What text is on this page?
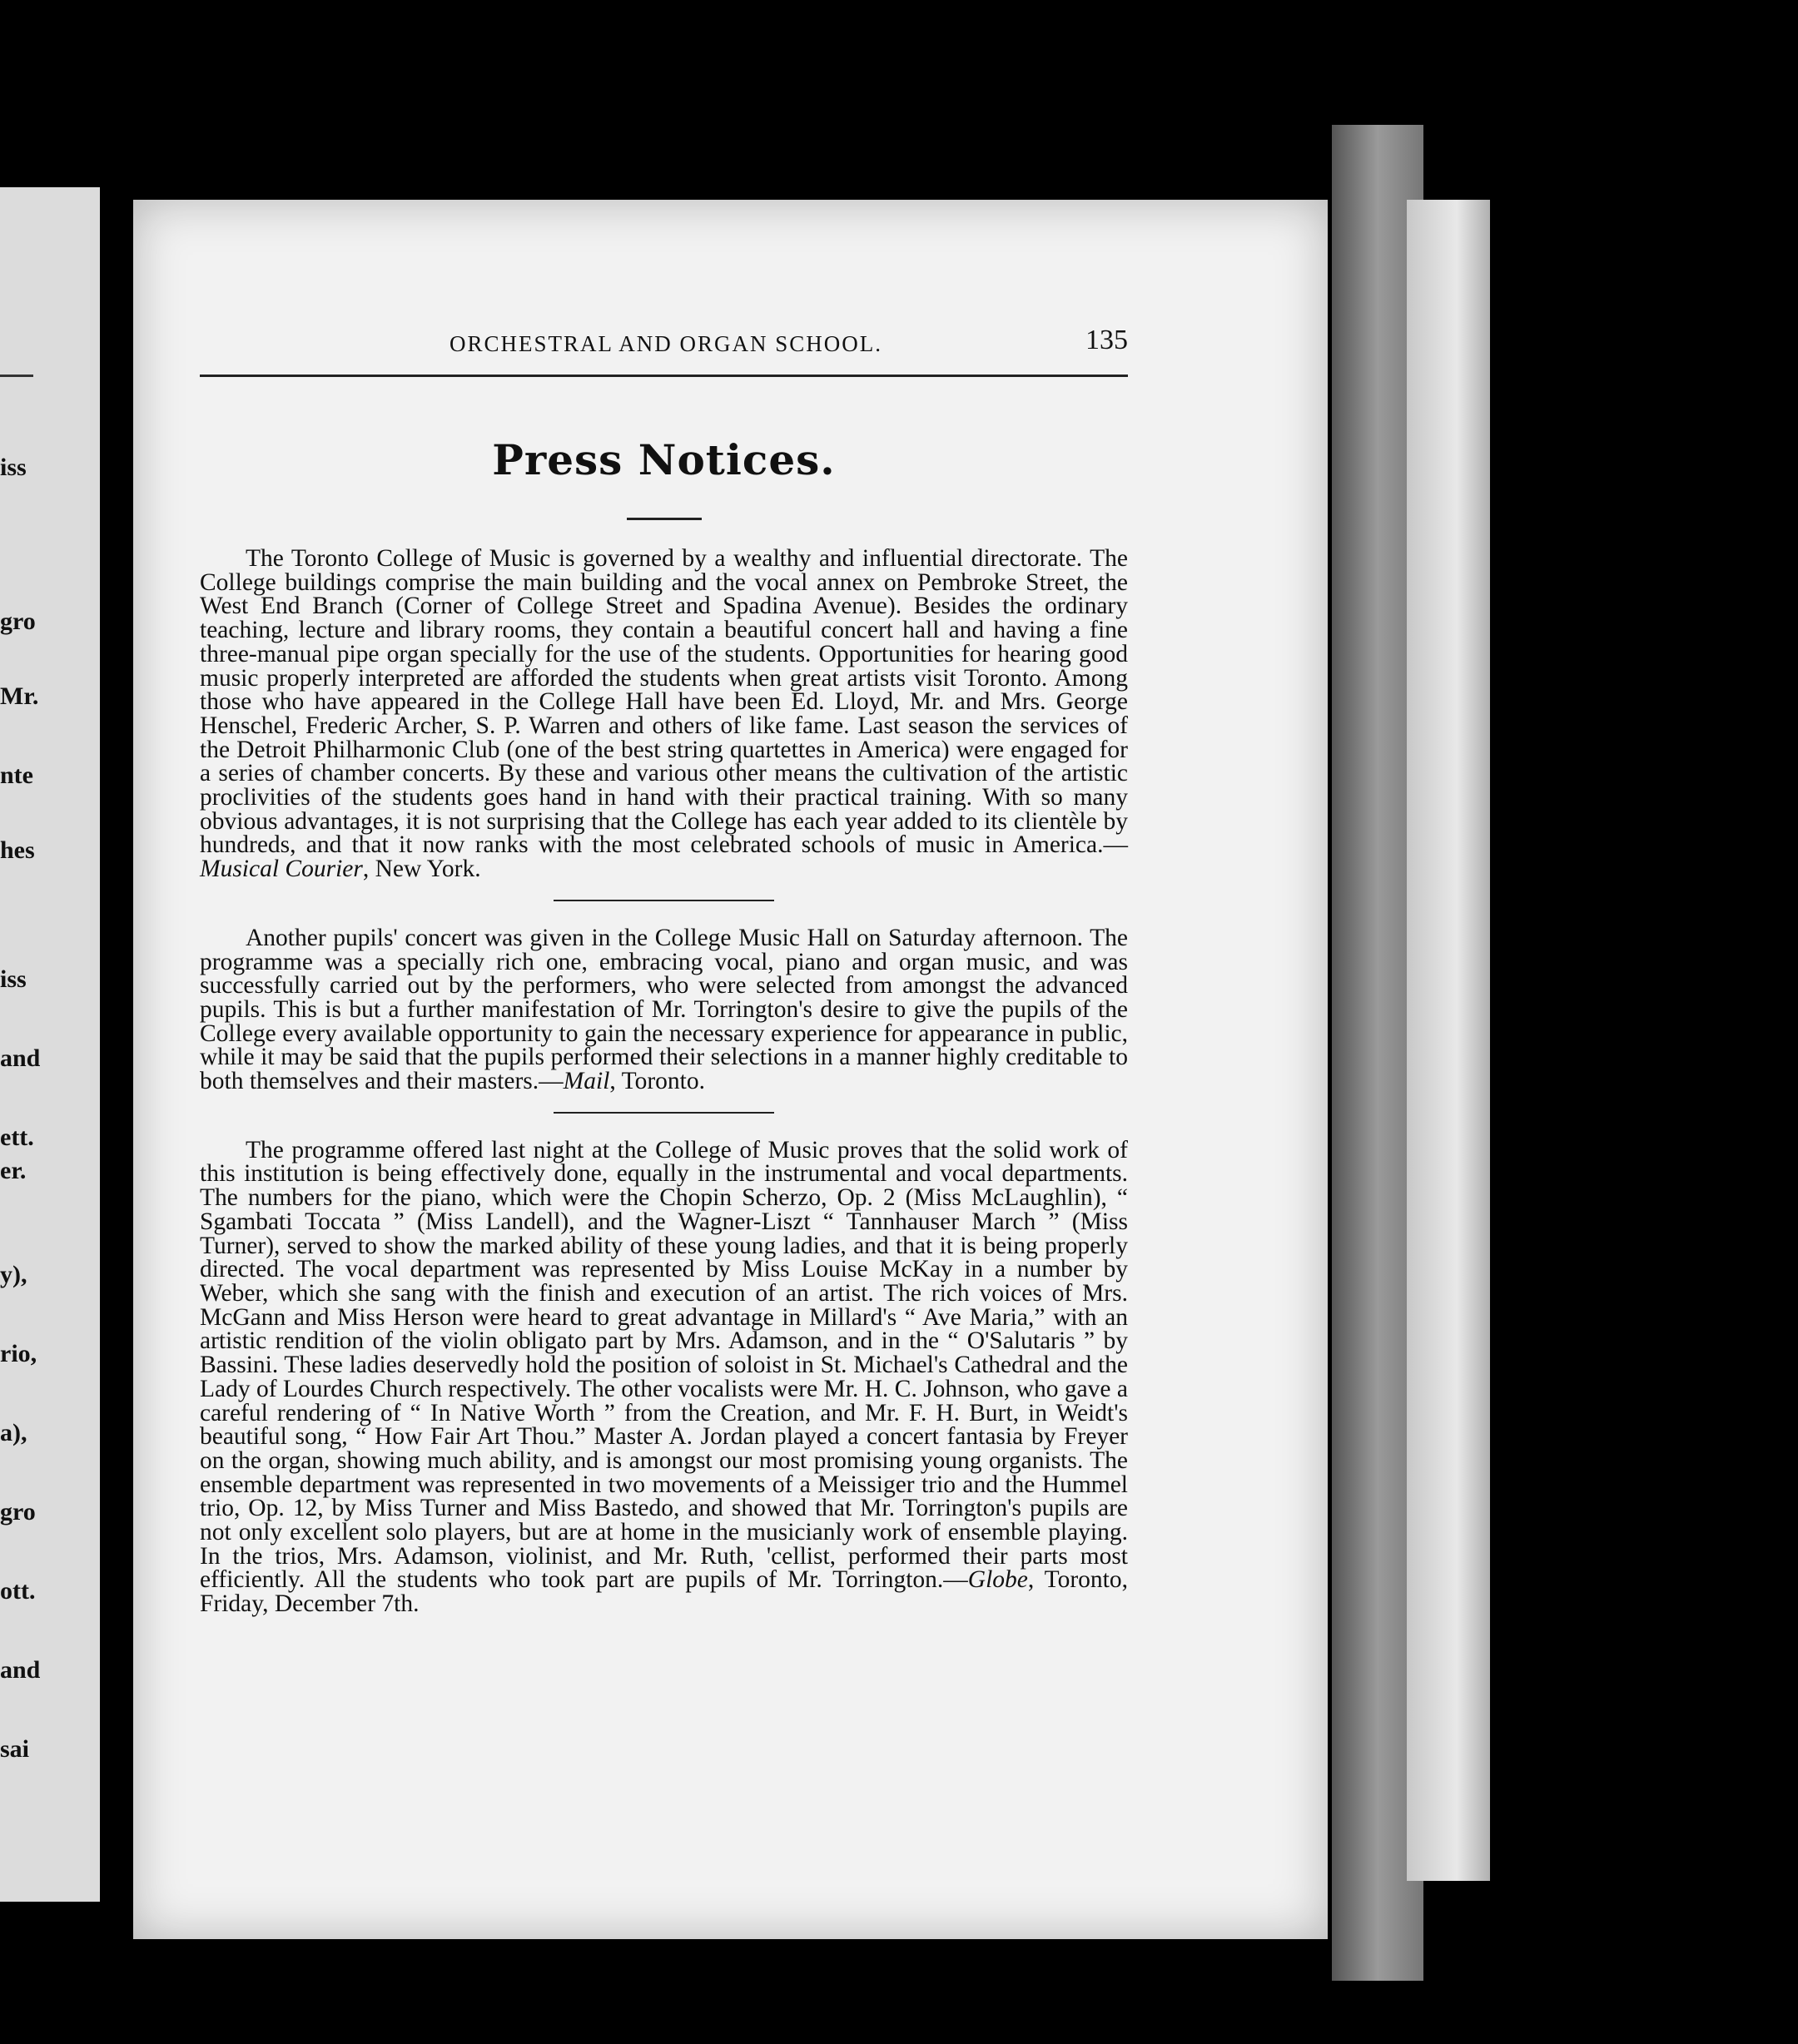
iss
gro
Mr.
nte
hes
iss
and
ett.
er.
y),
rio,
a),
gro
ott.
and
sai
ORCHESTRAL AND ORGAN SCHOOL.	135
Press Notices.

The Toronto College of Music is governed by a wealthy and influential directorate. The College buildings comprise the main building and the vocal annex on Pembroke Street, the West End Branch (Corner of College Street and Spadina Avenue). Besides the ordinary teaching, lecture and library rooms, they contain a beautiful concert hall and having a fine three-manual pipe organ specially for the use of the students. Opportunities for hearing good music properly interpreted are afforded the students when great artists visit Toronto. Among those who have appeared in the College Hall have been Ed. Lloyd, Mr. and Mrs. George Henschel, Frederic Archer, S. P. Warren and others of like fame. Last season the services of the Detroit Philharmonic Club (one of the best string quartettes in America) were engaged for a series of chamber concerts. By these and various other means the cultivation of the artistic proclivities of the students goes hand in hand with their practical training. With so many obvious advantages, it is not surprising that the College has each year added to its clientèle by hundreds, and that it now ranks with the most celebrated schools of music in America.—Musical Courier, New York.

Another pupils' concert was given in the College Music Hall on Saturday afternoon. The programme was a specially rich one, embracing vocal, piano and organ music, and was successfully carried out by the performers, who were selected from amongst the advanced pupils. This is but a further manifestation of Mr. Torrington's desire to give the pupils of the College every available opportunity to gain the necessary experience for appearance in public, while it may be said that the pupils performed their selections in a manner highly creditable to both themselves and their masters.—Mail, Toronto.

The programme offered last night at the College of Music proves that the solid work of this institution is being effectively done, equally in the instrumental and vocal departments. The numbers for the piano, which were the Chopin Scherzo, Op. 2 (Miss McLaughlin), “ Sgambati Toccata ” (Miss Landell), and the Wagner-Liszt “ Tannhauser March ” (Miss Turner), served to show the marked ability of these young ladies, and that it is being properly directed. The vocal department was represented by Miss Louise McKay in a number by Weber, which she sang with the finish and execution of an artist. The rich voices of Mrs. McGann and Miss Herson were heard to great advantage in Millard's “ Ave Maria,” with an artistic rendition of the violin obligato part by Mrs. Adamson, and in the “ O'Salutaris ” by Bassini. These ladies deservedly hold the position of soloist in St. Michael's Cathedral and the Lady of Lourdes Church respectively. The other vocalists were Mr. H. C. Johnson, who gave a careful rendering of “ In Native Worth ” from the Creation, and Mr. F. H. Burt, in Weidt's beautiful song, “ How Fair Art Thou.” Master A. Jordan played a concert fantasia by Freyer on the organ, showing much ability, and is amongst our most promising young organists. The ensemble department was represented in two movements of a Meissiger trio and the Hummel trio, Op. 12, by Miss Turner and Miss Bastedo, and showed that Mr. Torrington's pupils are not only excellent solo players, but are at home in the musicianly work of ensemble playing. In the trios, Mrs. Adamson, violinist, and Mr. Ruth, 'cellist, performed their parts most efficiently. All the students who took part are pupils of Mr. Torrington.—Globe, Toronto, Friday, December 7th.
